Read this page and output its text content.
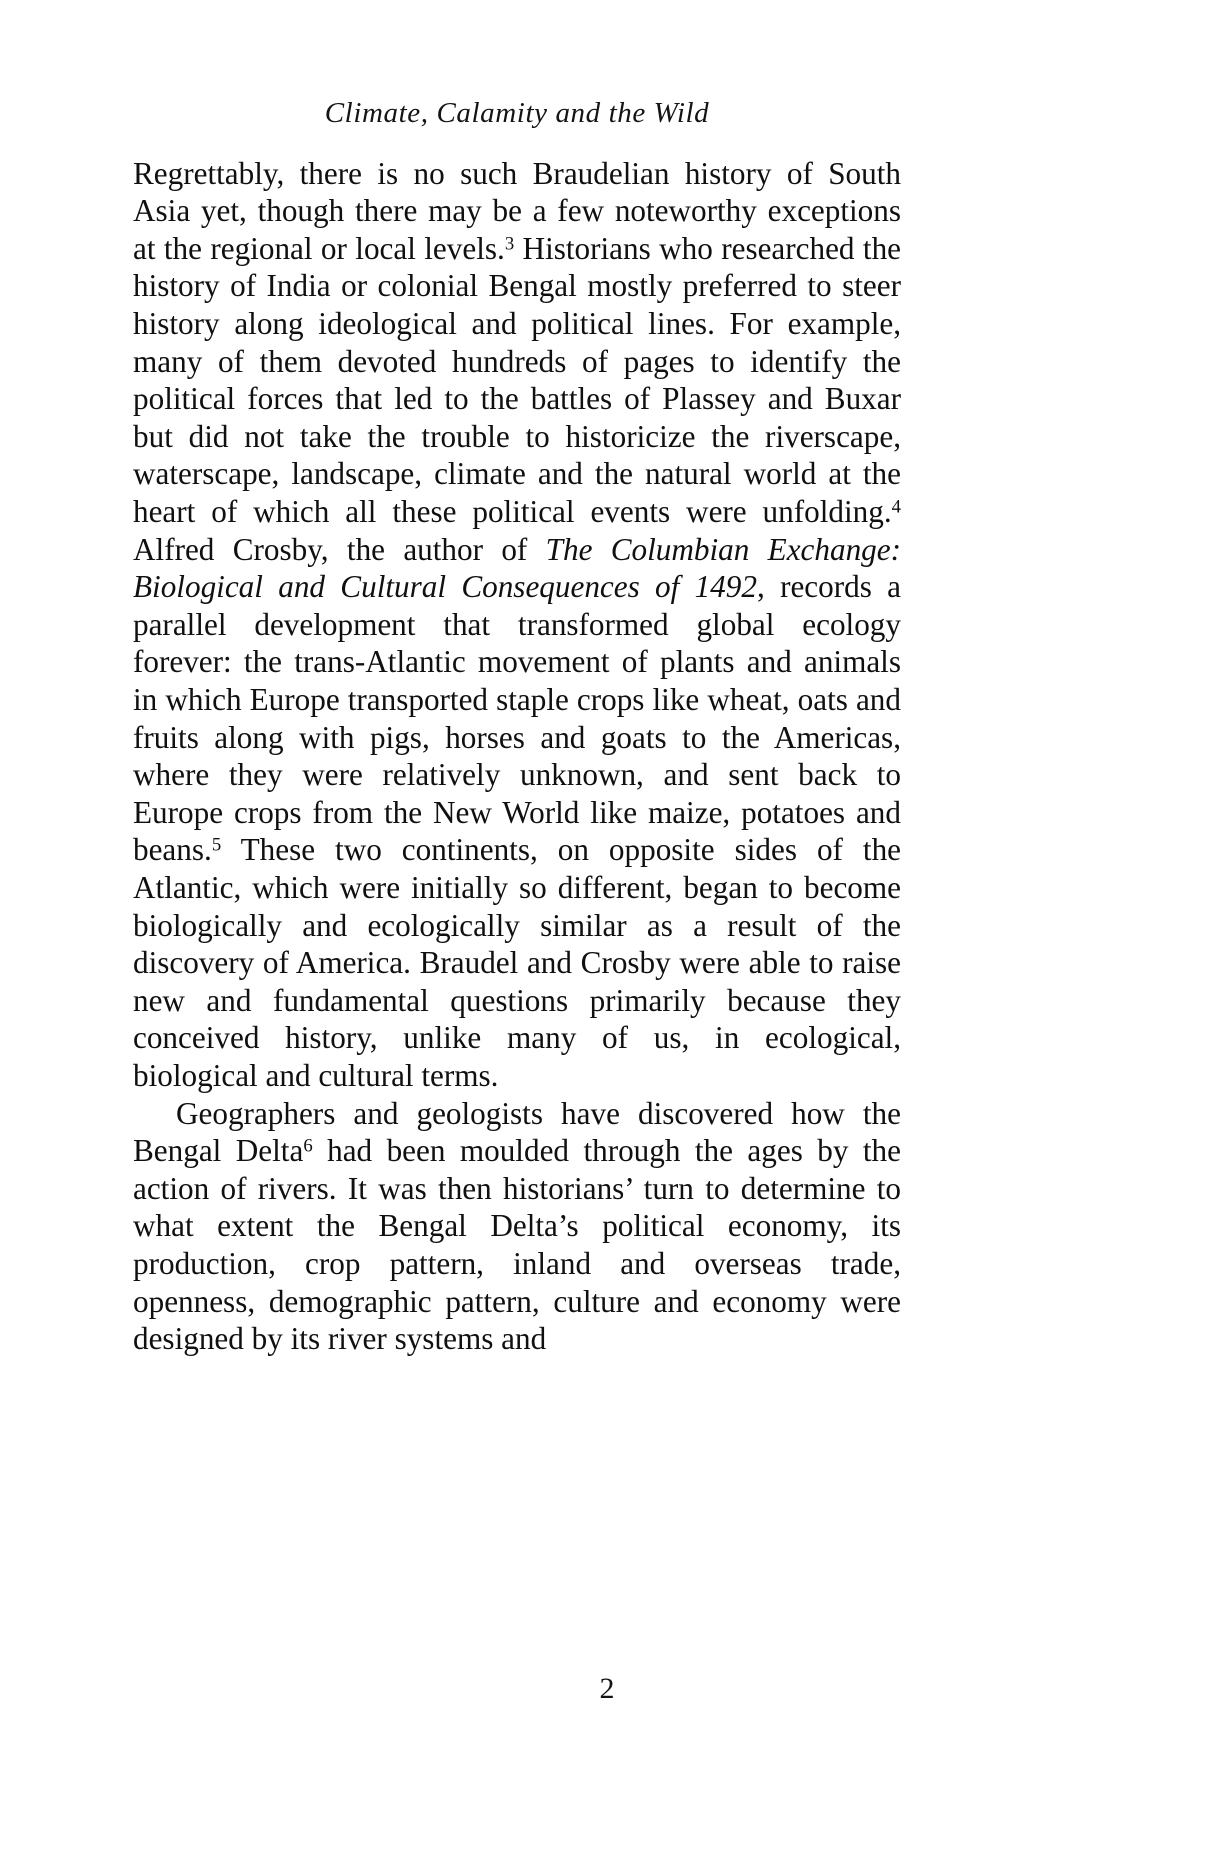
Climate, Calamity and the Wild

Regrettably, there is no such Braudelian history of South Asia yet, though there may be a few noteworthy exceptions at the regional or local levels.$^3$ Historians who researched the history of India or colonial Bengal mostly preferred to steer history along ideological and political lines. For example, many of them devoted hundreds of pages to identify the political forces that led to the battles of Plassey and Buxar but did not take the trouble to historicize the riverscape, waterscape, landscape, climate and the natural world at the heart of which all these political events were unfolding.$^4$ Alfred Crosby, the author of The Columbian Exchange: Biological and Cultural Consequences of 1492, records a parallel development that transformed global ecology forever: the trans-Atlantic movement of plants and animals in which Europe transported staple crops like wheat, oats and fruits along with pigs, horses and goats to the Americas, where they were relatively unknown, and sent back to Europe crops from the New World like maize, potatoes and beans.$^5$ These two continents, on opposite sides of the Atlantic, which were initially so different, began to become biologically and ecologically similar as a result of the discovery of America. Braudel and Crosby were able to raise new and fundamental questions primarily because they conceived history, unlike many of us, in ecological, biological and cultural terms.

Geographers and geologists have discovered how the Bengal Delta$^6$ had been moulded through the ages by the action of rivers. It was then historians’ turn to determine to what extent the Bengal Delta’s political economy, its production, crop pattern, inland and overseas trade, openness, demographic pattern, culture and economy were designed by its river systems and

2
